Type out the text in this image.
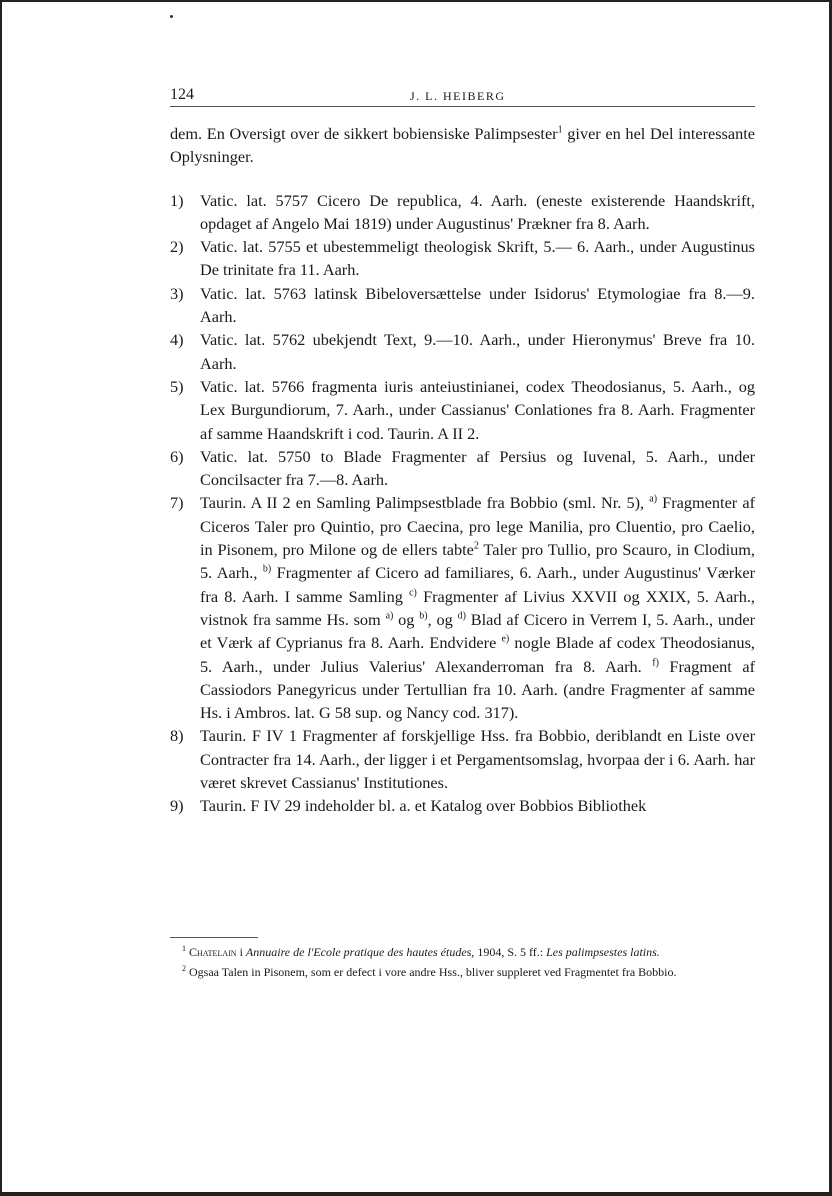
124	J. L. HEIBERG

dem. En Oversigt over de sikkert bobiensiske Palimpsester$^1$ giver en hel Del interessante Oplysninger.

1) Vatic. lat. 5757 Cicero De republica, 4. Aarh. (eneste existerende Haandskrift, opdaget af Angelo Mai 1819) under Augustinus' Prækner fra 8. Aarh.

2) Vatic. lat. 5755 et ubestemmeligt theologisk Skrift, 5.— 6. Aarh., under Augustinus De trinitate fra 11. Aarh.

3) Vatic. lat. 5763 latinsk Bibeloversættelse under Isidorus' Etymologiae fra 8.—9. Aarh.

4) Vatic. lat. 5762 ubekjendt Text, 9.—10. Aarh., under Hieronymus' Breve fra 10. Aarh.

5) Vatic. lat. 5766 fragmenta iuris anteiustinianei, codex Theodosianus, 5. Aarh., og Lex Burgundiorum, 7. Aarh., under Cassianus' Conlationes fra 8. Aarh. Fragmenter af samme Haandskrift i cod. Taurin. A II 2.

6) Vatic. lat. 5750 to Blade Fragmenter af Persius og Iuvenal, 5. Aarh., under Concilsacter fra 7.—8. Aarh.

7) Taurin. A II 2 en Samling Palimpsestblade fra Bobbio (sml. Nr. 5), $^{a)}$ Fragmenter af Ciceros Taler pro Quintio, pro Caecina, pro lege Manilia, pro Cluentio, pro Caelio, in Pisonem, pro Milone og de ellers tabte$^2$ Taler pro Tullio, pro Scauro, in Clodium, 5. Aarh., $^{b)}$ Fragmenter af Cicero ad familiares, 6. Aarh., under Augustinus' Værker fra 8. Aarh. I samme Samling $^{c)}$ Fragmenter af Livius XXVII og XXIX, 5. Aarh., vistnok fra samme Hs. som $^{a)}$ og $^{b)}$, og $^{d)}$ Blad af Cicero in Verrem I, 5. Aarh., under et Værk af Cyprianus fra 8. Aarh. Endvidere $^{e)}$ nogle Blade af codex Theodosianus, 5. Aarh., under Julius Valerius' Alexanderroman fra 8. Aarh. $^{f)}$ Fragment af Cassiodors Panegyricus under Tertullian fra 10. Aarh. (andre Fragmenter af samme Hs. i Ambros. lat. G 58 sup. og Nancy cod. 317).

8) Taurin. F IV 1 Fragmenter af forskjellige Hss. fra Bobbio, deriblandt en Liste over Contracter fra 14. Aarh., der ligger i et Pergamentsomslag, hvorpaa der i 6. Aarh. har været skrevet Cassianus' Institutiones.

9) Taurin. F IV 29 indeholder bl. a. et Katalog over Bobbios Bibliothek

$^1$ Chatelain i Annuaire de l'Ecole pratique des hautes études, 1904, S. 5 ff.: Les palimpsestes latins.

$^2$ Ogsaa Talen in Pisonem, som er defect i vore andre Hss., bliver suppleret ved Fragmentet fra Bobbio.
